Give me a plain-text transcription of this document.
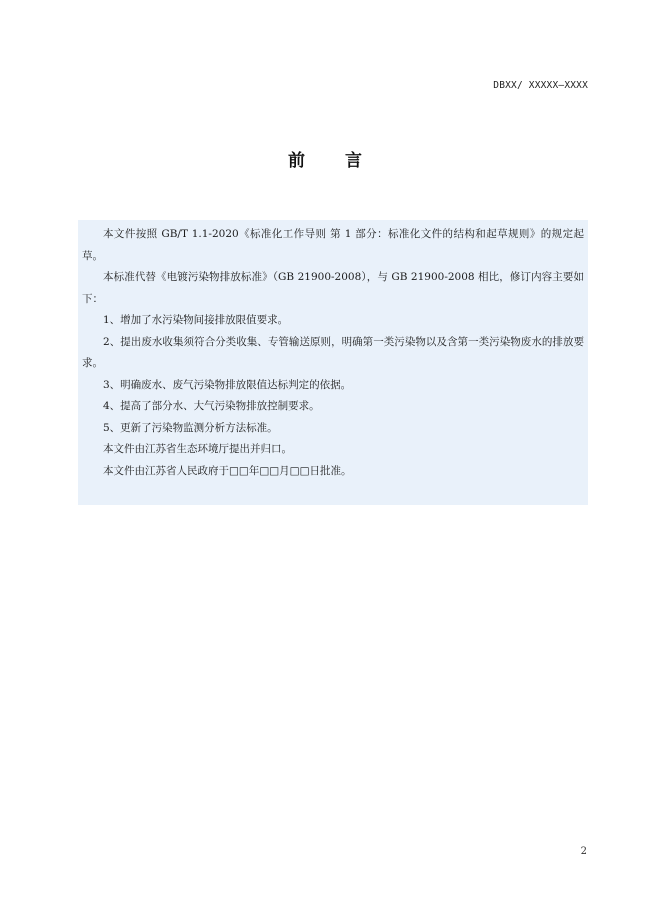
DBXX/ XXXXX—XXXX
前言

本文件按照 GB/T 1.1-2020《标准化工作导则 第 1 部分：标准化文件的结构和起草规则》的规定起草。

本标准代替《电镀污染物排放标准》（GB 21900-2008），与 GB 21900-2008 相比，修订内容主要如下：

1、增加了水污染物间接排放限值要求。

2、提出废水收集须符合分类收集、专管输送原则，明确第一类污染物以及含第一类污染物废水的排放要求。

3、明确废水、废气污染物排放限值达标判定的依据。

4、提高了部分水、大气污染物排放控制要求。

5、更新了污染物监测分析方法标准。

本文件由江苏省生态环境厅提出并归口。

本文件由江苏省人民政府于□□年□□月□□日批准。

2
